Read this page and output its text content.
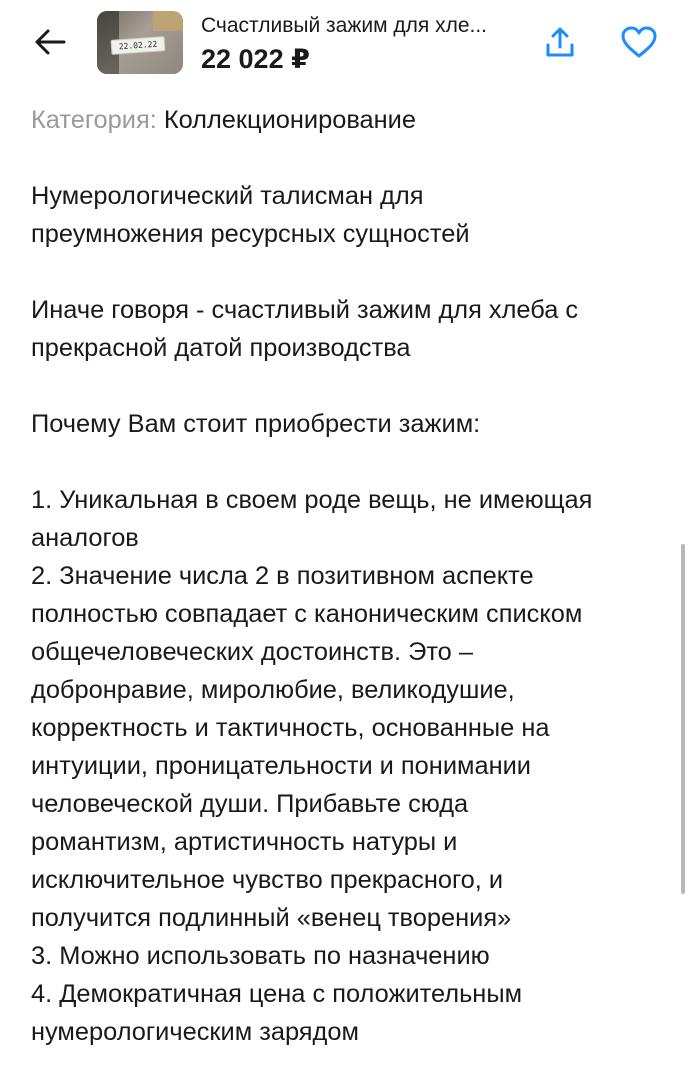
22.02.22
Счастливый зажим для хле...
22 022 ₽
Категория: Коллекционирование

Нумерологический талисман для
преумножения ресурсных сущностей

Иначе говоря - счастливый зажим для хлеба с
прекрасной датой производства

Почему Вам стоит приобрести зажим:

1. Уникальная в своем роде вещь, не имеющая
аналогов
2. Значение числа 2 в позитивном аспекте
полностью совпадает с каноническим списком
общечеловеческих достоинств. Это –
добронравие, миролюбие, великодушие,
корректность и тактичность, основанные на
интуиции, проницательности и понимании
человеческой души. Прибавьте сюда
романтизм, артистичность натуры и
исключительное чувство прекрасного, и
получится подлинный «венец творения»
3. Можно использовать по назначению
4. Демократичная цена с положительным
нумерологическим зарядом
